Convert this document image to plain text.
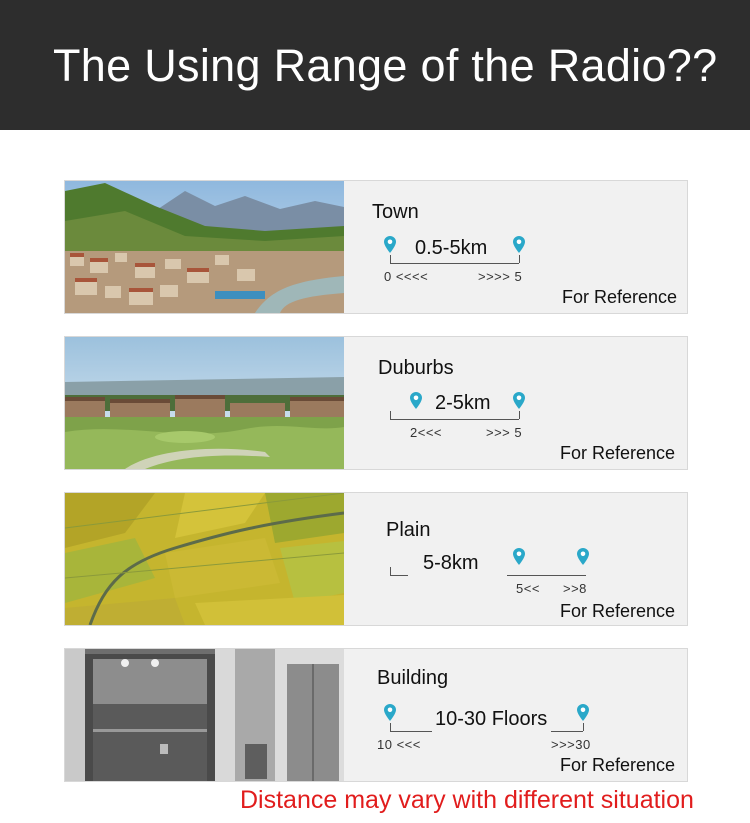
The Using Range of the Radio??
Town
0.5-5km
0 <<<<	>>>> 5
For Reference
Duburbs
2-5km
2<<<	>>> 5
For Reference
Plain
5-8km
5<< >>8
For Reference
Building
10-30 Floors
10 <<<	>>>30
For Reference
Distance may vary with different situation
